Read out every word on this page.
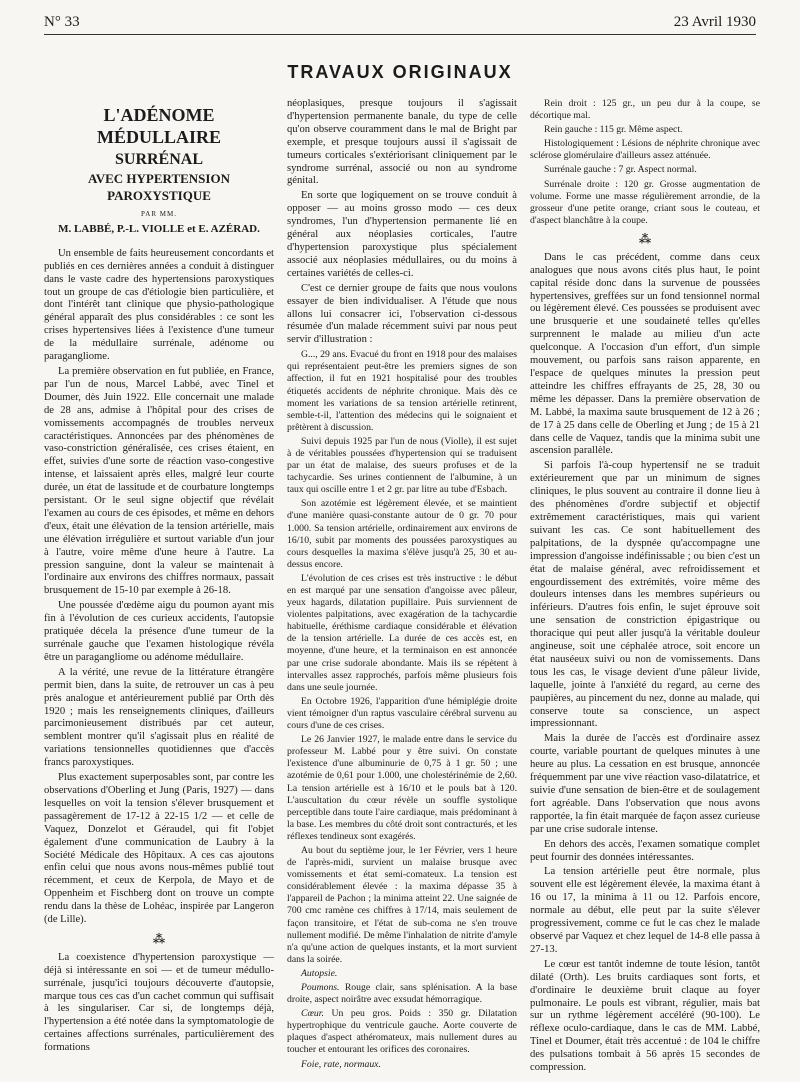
N° 33	23 Avril 1930
TRAVAUX ORIGINAUX
L'ADÉNOME MÉDULLAIRE
SURRÉNAL
AVEC HYPERTENSION PAROXYSTIQUE
PAR MM.
M. LABBÉ, P.-L. VIOLLE et E. AZÉRAD.

Un ensemble de faits heureusement concordants et publiés en ces dernières années a conduit à distinguer dans le vaste cadre des hypertensions paroxystiques tout un groupe de cas d'étiologie bien particulière, et dont l'intérêt tant clinique que physio-pathologique général apparaît des plus considérables : ce sont les crises hypertensives liées à l'existence d'une tumeur de la médullaire surrénale, adénome ou paragangliome.

La première observation en fut publiée, en France, par l'un de nous, Marcel Labbé, avec Tinel et Doumer, dès Juin 1922. Elle concernait une malade de 28 ans, admise à l'hôpital pour des crises de vomissements accompagnés de troubles nerveux caractéristiques. Annoncées par des phénomènes de vaso-constriction généralisée, ces crises étaient, en effet, suivies d'une sorte de réaction vaso-congestive intense, et laissaient après elles, malgré leur courte durée, un état de lassitude et de courbature longtemps persistant. Or le seul signe objectif que révélait l'examen au cours de ces épisodes, et même en dehors d'eux, était une élévation de la tension artérielle, mais une élévation irrégulière et surtout variable d'un jour à l'autre, voire même d'une heure à l'autre. La pression sanguine, dont la valeur se maintenait à l'ordinaire aux environs des chiffres normaux, passait brusquement de 15-10 par exemple à 26-18.

Une poussée d'œdème aigu du poumon ayant mis fin à l'évolution de ces curieux accidents, l'autopsie pratiquée décela la présence d'une tumeur de la surrénale gauche que l'examen histologique révéla être un paragangliome ou adénome médullaire.

A la vérité, une revue de la littérature étrangère permit bien, dans la suite, de retrouver un cas à peu près analogue et antérieurement publié par Orth dès 1920 ; mais les renseignements cliniques, d'ailleurs parcimonieusement distribués par cet auteur, semblent montrer qu'il s'agissait plus en réalité de variations tensionnelles quotidiennes que d'accès francs paroxystiques.

Plus exactement superposables sont, par contre les observations d'Oberling et Jung (Paris, 1927) — dans lesquelles on voit la tension s'élever brusquement et passagèrement de 17-12 à 22-15 1/2 — et celle de Vaquez, Donzelot et Géraudel, qui fit l'objet également d'une communication de Laubry à la Société Médicale des Hôpitaux. A ces cas ajoutons enfin celui que nous avons nous-mêmes publié tout récemment, et ceux de Kerpola, de Mayo et de Oppenheim et Fischberg dont on trouve un compte rendu dans la thèse de Lohéac, inspirée par Langeron (de Lille).

⁂

La coexistence d'hypertension paroxystique — déjà si intéressante en soi — et de tumeur médullo-surrénale, jusqu'ici toujours découverte d'autopsie, marque tous ces cas d'un cachet commun qui suffisait à les singulariser. Car si, de longtemps déjà, l'hypertension a été notée dans la symptomatologie de certaines affections surrénales, particulièrement des formations

néoplasiques, presque toujours il s'agissait d'hypertension permanente banale, du type de celle qu'on observe couramment dans le mal de Bright par exemple, et presque toujours aussi il s'agissait de tumeurs corticales s'extériorisant cliniquement par le syndrome surrénal, associé ou non au syndrome génital.

En sorte que logiquement on se trouve conduit à opposer — au moins grosso modo — ces deux syndromes, l'un d'hypertension permanente lié en général aux néoplasies corticales, l'autre d'hypertension paroxystique plus spécialement associé aux néoplasies médullaires, ou du moins à certaines variétés de celles-ci.

C'est ce dernier groupe de faits que nous voulons essayer de bien individualiser. A l'étude que nous allons lui consacrer ici, l'observation ci-dessous résumée d'un malade récemment suivi par nous peut servir d'illustration :

G..., 29 ans. Evacué du front en 1918 pour des malaises qui représentaient peut-être les premiers signes de son affection, il fut en 1921 hospitalisé pour des troubles étiquetés accidents de néphrite chronique. Mais dès ce moment les variations de sa tension artérielle retinrent, semble-t-il, l'attention des médecins qui le soignaient et prêtèrent à discussion.

Suivi depuis 1925 par l'un de nous (Violle), il est sujet à de véritables poussées d'hypertension qui se traduisent par un état de malaise, des sueurs profuses et de la tachycardie. Ses urines contiennent de l'albumine, à un taux qui oscille entre 1 et 2 gr. par litre au tube d'Esbach.

Son azotémie est légèrement élevée, et se maintient d'une manière quasi-constante autour de 0 gr. 70 pour 1.000. Sa tension artérielle, ordinairement aux environs de 16/10, subit par moments des poussées paroxystiques au cours desquelles la maxima s'élève jusqu'à 25, 30 et au-dessus encore.

L'évolution de ces crises est très instructive : le début en est marqué par une sensation d'angoisse avec pâleur, yeux hagards, dilatation pupillaire. Puis surviennent de violentes palpitations, avec exagération de la tachycardie habituelle, éréthisme cardiaque considérable et élévation de la tension artérielle. La durée de ces accès est, en moyenne, d'une heure, et la terminaison en est annoncée par une crise sudorale abondante. Mais ils se répètent à intervalles assez rapprochés, parfois même plusieurs fois dans une seule journée.

En Octobre 1926, l'apparition d'une hémiplégie droite vient témoigner d'un raptus vasculaire cérébral survenu au cours d'une de ces crises.

Le 26 Janvier 1927, le malade entre dans le service du professeur M. Labbé pour y être suivi. On constate l'existence d'une albuminurie de 0,75 à 1 gr. 50 ; une azotémie de 0,61 pour 1.000, une cholestérinémie de 2,60. La tension artérielle est à 16/10 et le pouls bat à 120. L'auscultation du cœur révèle un souffle systolique perceptible dans toute l'aire cardiaque, mais prédominant à la base. Les membres du côté droit sont contracturés, et les réflexes tendineux sont exagérés.

Au bout du septième jour, le 1er Février, vers 1 heure de l'après-midi, survient un malaise brusque avec vomissements et état semi-comateux. La tension est considérablement élevée : la maxima dépasse 35 à l'appareil de Pachon ; la minima atteint 22. Une saignée de 700 cmc ramène ces chiffres à 17/14, mais seulement de façon transitoire, et l'état de sub-coma ne s'en trouve nullement modifié. De même l'inhalation de nitrite d'amyle n'a qu'une action de quelques instants, et la mort survient dans la soirée.

Autopsie.

Poumons. Rouge clair, sans splénisation. A la base droite, aspect noirâtre avec exsudat hémorragique.

Cœur. Un peu gros. Poids : 350 gr. Dilatation hypertrophique du ventricule gauche. Aorte couverte de plaques d'aspect athéromateux, mais nullement dures au toucher et entourant les orifices des coronaires.

Foie, rate, normaux.

Rein droit : 125 gr., un peu dur à la coupe, se décortique mal.

Rein gauche : 115 gr. Même aspect.

Histologiquement : Lésions de néphrite chronique avec sclérose glomérulaire d'ailleurs assez atténuée.

Surrénale gauche : 7 gr. Aspect normal.

Surrénale droite : 120 gr. Grosse augmentation de volume. Forme une masse régulièrement arrondie, de la grosseur d'une petite orange, criant sous le couteau, et d'aspect blanchâtre à la coupe.

⁂

Dans le cas précédent, comme dans ceux analogues que nous avons cités plus haut, le point capital réside donc dans la survenue de poussées hypertensives, greffées sur un fond tensionnel normal ou légèrement élevé. Ces poussées se produisent avec une brusquerie et une soudaineté telles qu'elles surprennent le malade au milieu d'un acte quelconque. A l'occasion d'un effort, d'un simple mouvement, ou parfois sans raison apparente, en l'espace de quelques minutes la pression peut atteindre les chiffres effrayants de 25, 28, 30 ou même les dépasser. Dans la première observation de M. Labbé, la maxima saute brusquement de 12 à 26 ; de 17 à 25 dans celle de Oberling et Jung ; de 15 à 21 dans celle de Vaquez, tandis que la minima subit une ascension parallèle.

Si parfois l'à-coup hypertensif ne se traduit extérieurement que par un minimum de signes cliniques, le plus souvent au contraire il donne lieu à des phénomènes d'ordre subjectif et objectif extrêmement caractéristiques, mais qui varient suivant les cas. Ce sont habituellement des palpitations, de la dyspnée qu'accompagne une impression d'angoisse indéfinissable ; ou bien c'est un état de malaise général, avec refroidissement et engourdissement des extrémités, voire même des douleurs intenses dans les membres supérieurs ou inférieurs. D'autres fois enfin, le sujet éprouve soit une sensation de constriction épigastrique ou thoracique qui peut aller jusqu'à la véritable douleur angineuse, soit une céphalée atroce, soit encore un état nauséeux suivi ou non de vomissements. Dans tous les cas, le visage devient d'une pâleur livide, laquelle, jointe à l'anxiété du regard, au cerne des paupières, au pincement du nez, donne au malade, qui conserve toute sa conscience, un aspect impressionnant.

Mais la durée de l'accès est d'ordinaire assez courte, variable pourtant de quelques minutes à une heure au plus. La cessation en est brusque, annoncée fréquemment par une vive réaction vaso-dilatatrice, et suivie d'une sensation de bien-être et de soulagement fort agréable. Dans l'observation que nous avons rapportée, la fin était marquée de façon assez curieuse par une crise sudorale intense.

En dehors des accès, l'examen somatique complet peut fournir des données intéressantes.

La tension artérielle peut être normale, plus souvent elle est légèrement élevée, la maxima étant à 16 ou 17, la minima à 11 ou 12. Parfois encore, normale au début, elle peut par la suite s'élever progressivement, comme ce fut le cas chez le malade observé par Vaquez et chez lequel de 14-8 elle passa à 27-13.

Le cœur est tantôt indemne de toute lésion, tantôt dilaté (Orth). Les bruits cardiaques sont forts, et d'ordinaire le deuxième bruit claque au foyer pulmonaire. Le pouls est vibrant, régulier, mais bat sur un rythme légèrement accéléré (90-100). Le réflexe oculo-cardiaque, dans le cas de MM. Labbé, Tinel et Doumer, était très accentué : de 104 le chiffre des pulsations tombait à 56 après 15 secondes de compression.
